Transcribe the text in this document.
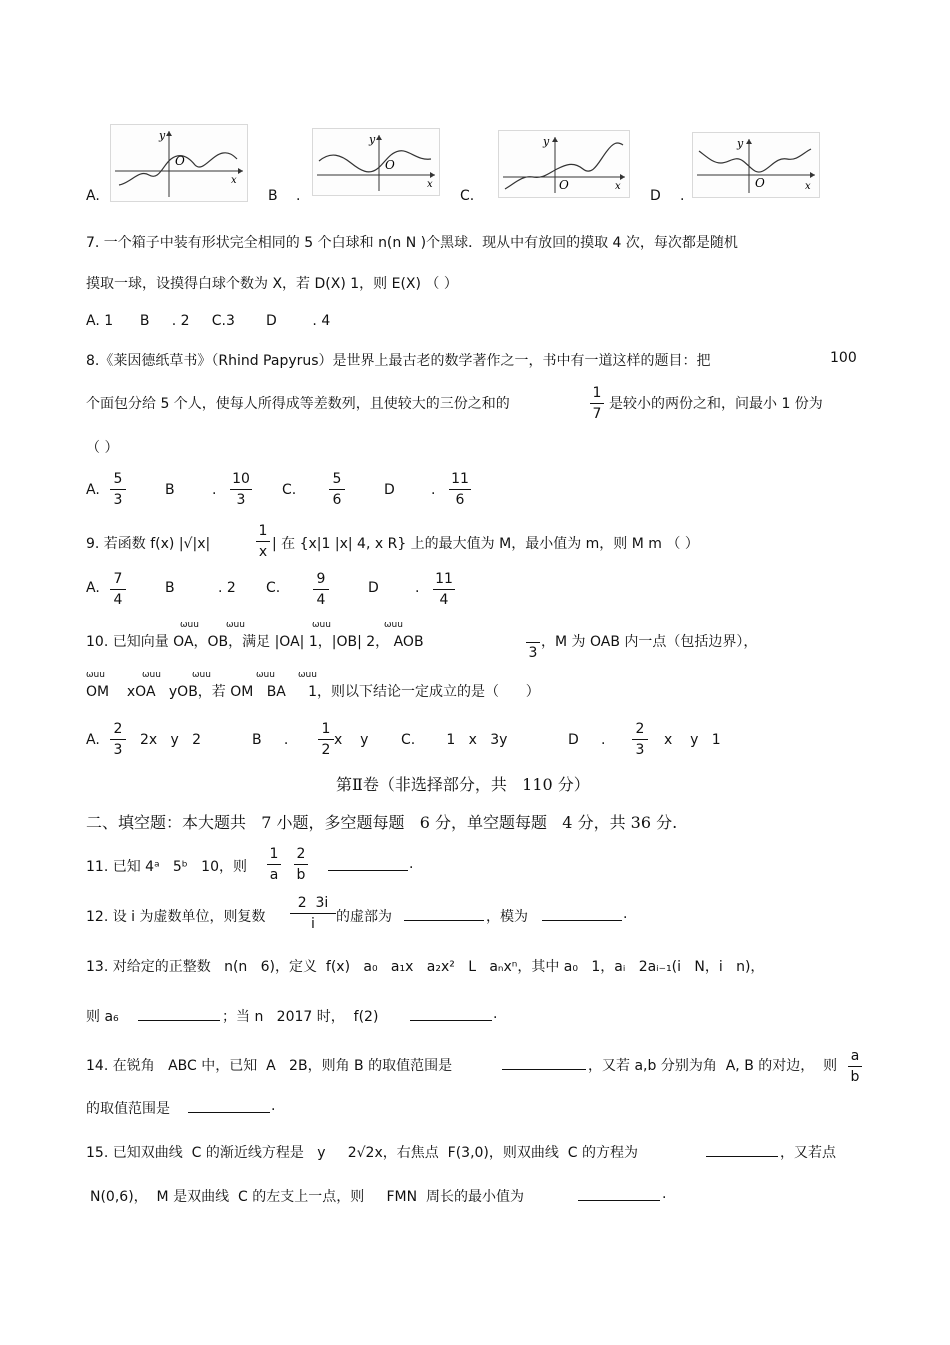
A.
y
O
x
B .
y
O
x
C.
y
O	x
D .
y
O	x
7. 一个箱子中装有形状完全相同的 5 个白球和 n(n N )个黑球．现从中有放回的摸取 4 次，每次都是随机
摸取一球，设摸得白球个数为 X，若 D(X) 1，则 E(X) （ ）
A. 1      B     . 2     C.3       D        . 4
8.《莱因德纸草书》（Rhind Papyrus）是世界上最古老的数学著作之一，书中有一道这样的题目：把	100
个面包分给 5 个人，使每人所得成等差数列，且使较大的三份之和的	$\frac{1}{7}$ 是较小的两份之和，问最小 1 份为
（ ）
A. $\frac{5}{3}$	B	. $\frac{10}{3} C$. $\frac{5}{6}$	D	. $\frac{11}{6}$
9. 若函数 f(x) |√|x|	$\frac{1}{x}$ | 在 {x|1 |x| 4, x R} 上的最大值为 M，最小值为 m，则 M m （ ）
A. $\frac{7}{4}$	B	. 2 C. $\frac{9}{4}$	D	. $\frac{11}{4}$
ωuu	ωuu	ωuu	ωuu
10. 已知向量 OA，OB，满足 |OA| 1，|OB| 2， AOB
3
，M 为 OAB 内一点（包括边界），
ωuu	ωuu	ωuu	ωuu	ωuu
OM    xOA   yOB，若 OM   BA     1，则以下结论一定成立的是（      ）
A. $\frac{2}{3} 2x$   y   2	B     . $\frac{1}{2}$ x    y C.       1   x   3y	D     . $\frac{2}{3}$ x    y   1
第Ⅱ卷（非选择部分，共   110 分）
二、填空题：本大题共   7 小题，多空题每题   6 分，单空题每题   4 分，共 36 分.
11. 已知 4ᵃ   5ᵇ   10，则 $\frac{1}{a} \frac{2}{b}$	.
12. 设 i 为虚数单位，则复数 $\frac{2 3i}{i}$ 的虚部为	，模为	.
13. 对给定的正整数   n(n   6)，定义  f(x)   a₀   a₁x   a₂x²   L   aₙxⁿ，其中 a₀   1，aᵢ   2aᵢ₋₁(i   N，i   n)，
则 a₆	；当 n   2017 时，  f(2)	.
14. 在锐角   ABC 中，已知  A   2B，则角 B 的取值范围是	，又若 a,b 分别为角  A, B 的对边，  则 $\frac{a}{b}$
的取值范围是	.
15. 已知双曲线  C 的渐近线方程是   y     2√2x，右焦点  F(3,0)，则双曲线  C 的方程为	，又若点
N(0,6)，  M 是双曲线  C 的左支上一点，则     FMN  周长的最小值为	.
